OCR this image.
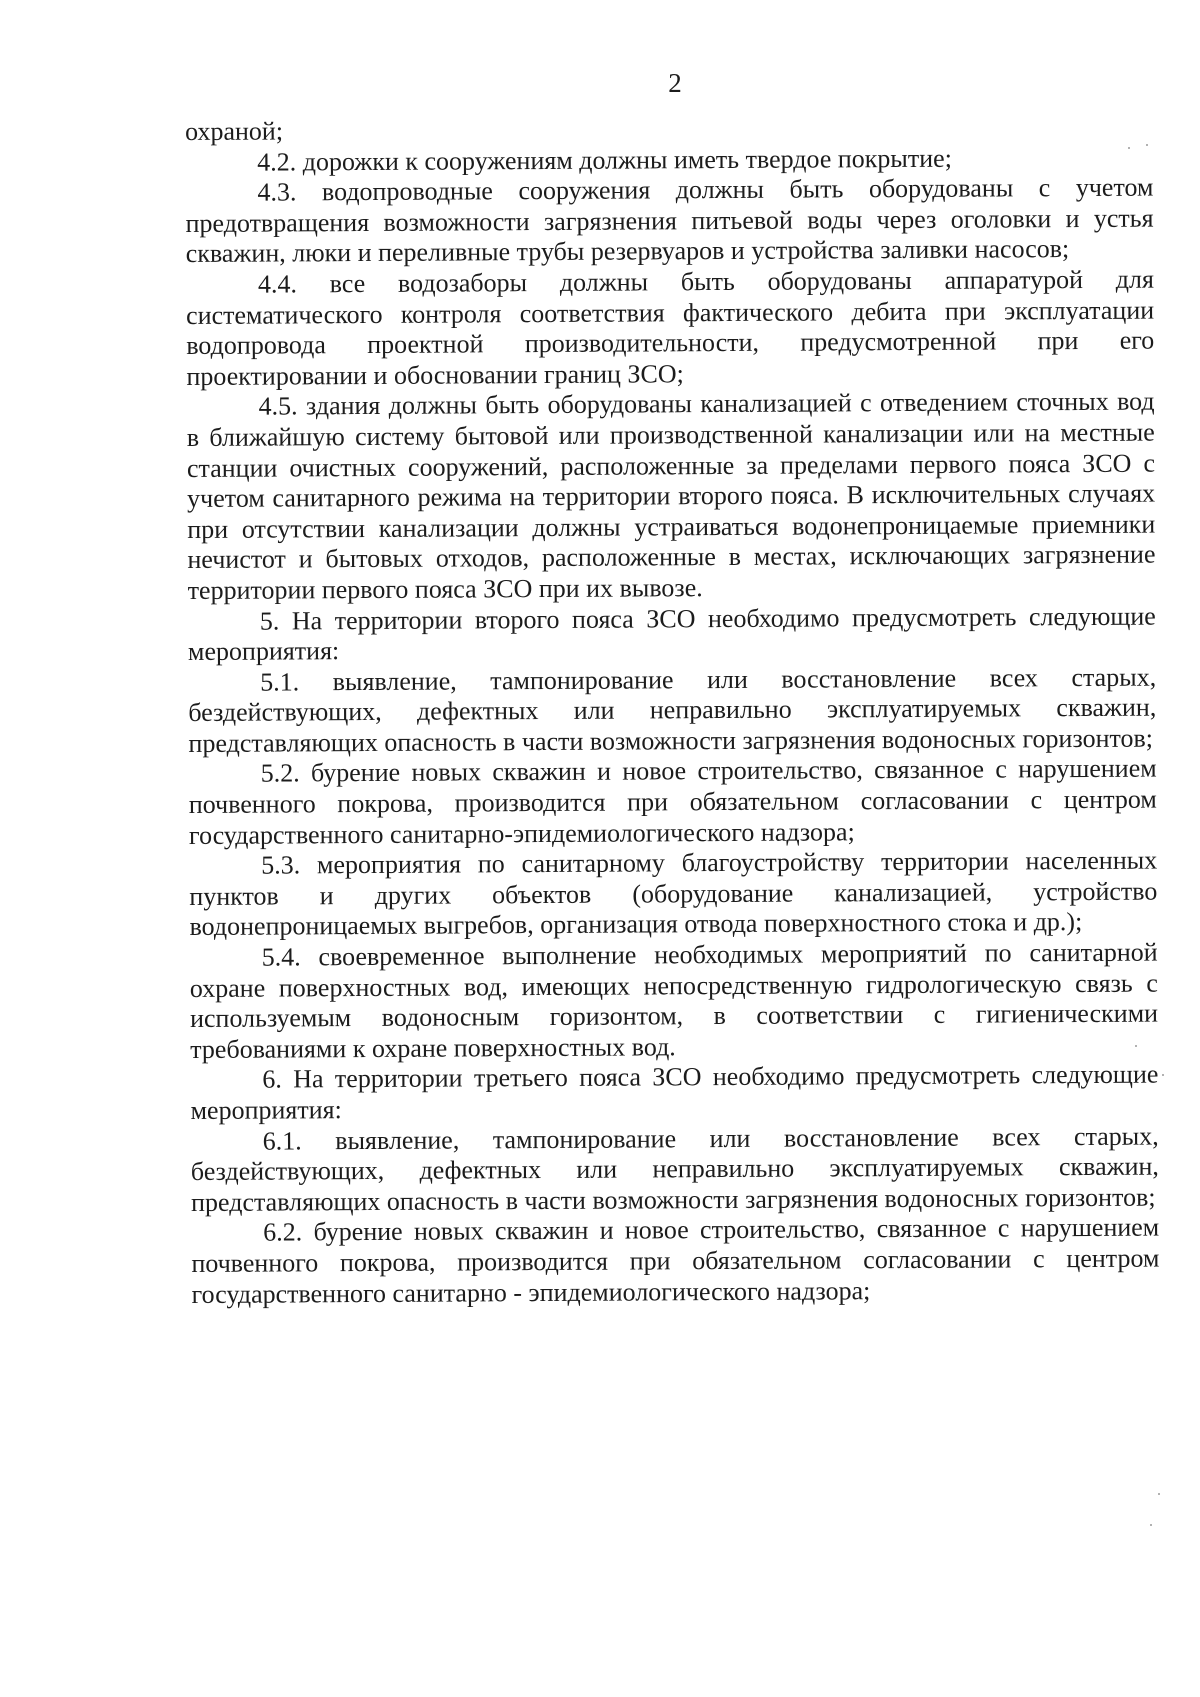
2

охраной;

4.2. дорожки к сооружениям должны иметь твердое покрытие;

4.3. водопроводные сооружения должны быть оборудованы с учетом предотвращения возможности загрязнения питьевой воды через оголовки и устья скважин, люки и переливные трубы резервуаров и устройства заливки насосов;

4.4. все водозаборы должны быть оборудованы аппаратурой для систематического контроля соответствия фактического дебита при эксплуатации водопровода проектной производительности, предусмотренной при его проектировании и обосновании границ ЗСО;

4.5. здания должны быть оборудованы канализацией с отведением сточных вод в ближайшую систему бытовой или производственной канализации или на местные станции очистных сооружений, расположенные за пределами первого пояса ЗСО с учетом санитарного режима на территории второго пояса. В исключительных случаях при отсутствии канализации должны устраиваться водонепроницаемые приемники нечистот и бытовых отходов, расположенные в местах, исключающих загрязнение территории первого пояса ЗСО при их вывозе.

5. На территории второго пояса ЗСО необходимо предусмотреть следующие мероприятия:

5.1. выявление, тампонирование или восстановление всех старых, бездействующих, дефектных или неправильно эксплуатируемых скважин, представляющих опасность в части возможности загрязнения водоносных горизонтов;

5.2. бурение новых скважин и новое строительство, связанное с нарушением почвенного покрова, производится при обязательном согласовании с центром государственного санитарно-эпидемиологического надзора;

5.3. мероприятия по санитарному благоустройству территории населенных пунктов и других объектов (оборудование канализацией, устройство водонепроницаемых выгребов, организация отвода поверхностного стока и др.);

5.4. своевременное выполнение необходимых мероприятий по санитарной охране поверхностных вод, имеющих непосредственную гидрологическую связь с используемым водоносным горизонтом, в соответствии с гигиеническими требованиями к охране поверхностных вод.

6. На территории третьего пояса ЗСО необходимо предусмотреть следующие мероприятия:

6.1. выявление, тампонирование или восстановление всех старых, бездействующих, дефектных или неправильно эксплуатируемых скважин, представляющих опасность в части возможности загрязнения водоносных горизонтов;

6.2. бурение новых скважин и новое строительство, связанное с нарушением почвенного покрова, производится при обязательном согласовании с центром государственного санитарно - эпидемиологического надзора;
